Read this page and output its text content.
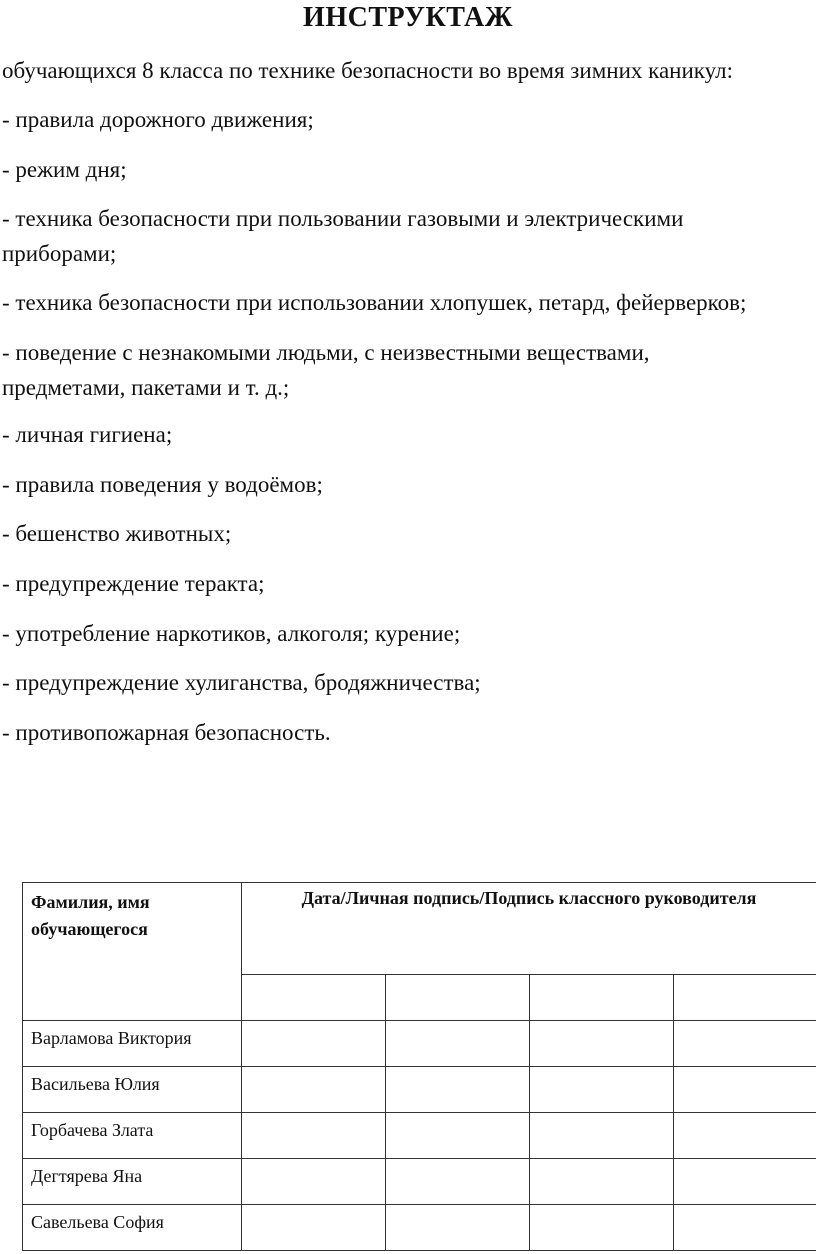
ИНСТРУКТАЖ

обучающихся 8 класса по технике безопасности во время зимних каникул:

- правила дорожного движения;

- режим дня;

- техника безопасности при пользовании газовыми и электрическими приборами;

- техника безопасности при использовании хлопушек, петард, фейерверков;

- поведение с незнакомыми людьми, с неизвестными веществами, предметами, пакетами и т. д.;

- личная гигиена;

- правила поведения у водоёмов;

- бешенство животных;

- предупреждение теракта;

- употребление наркотиков, алкоголя; курение;

- предупреждение хулиганства, бродяжничества;

- противопожарная безопасность.

Фамилия, имя обучающегося	Дата/Личная подпись/Подпись классного руководителя			

Варламова Виктория				
Васильева Юлия				
Горбачева Злата				
Дегтярева Яна				
Савельева София				
